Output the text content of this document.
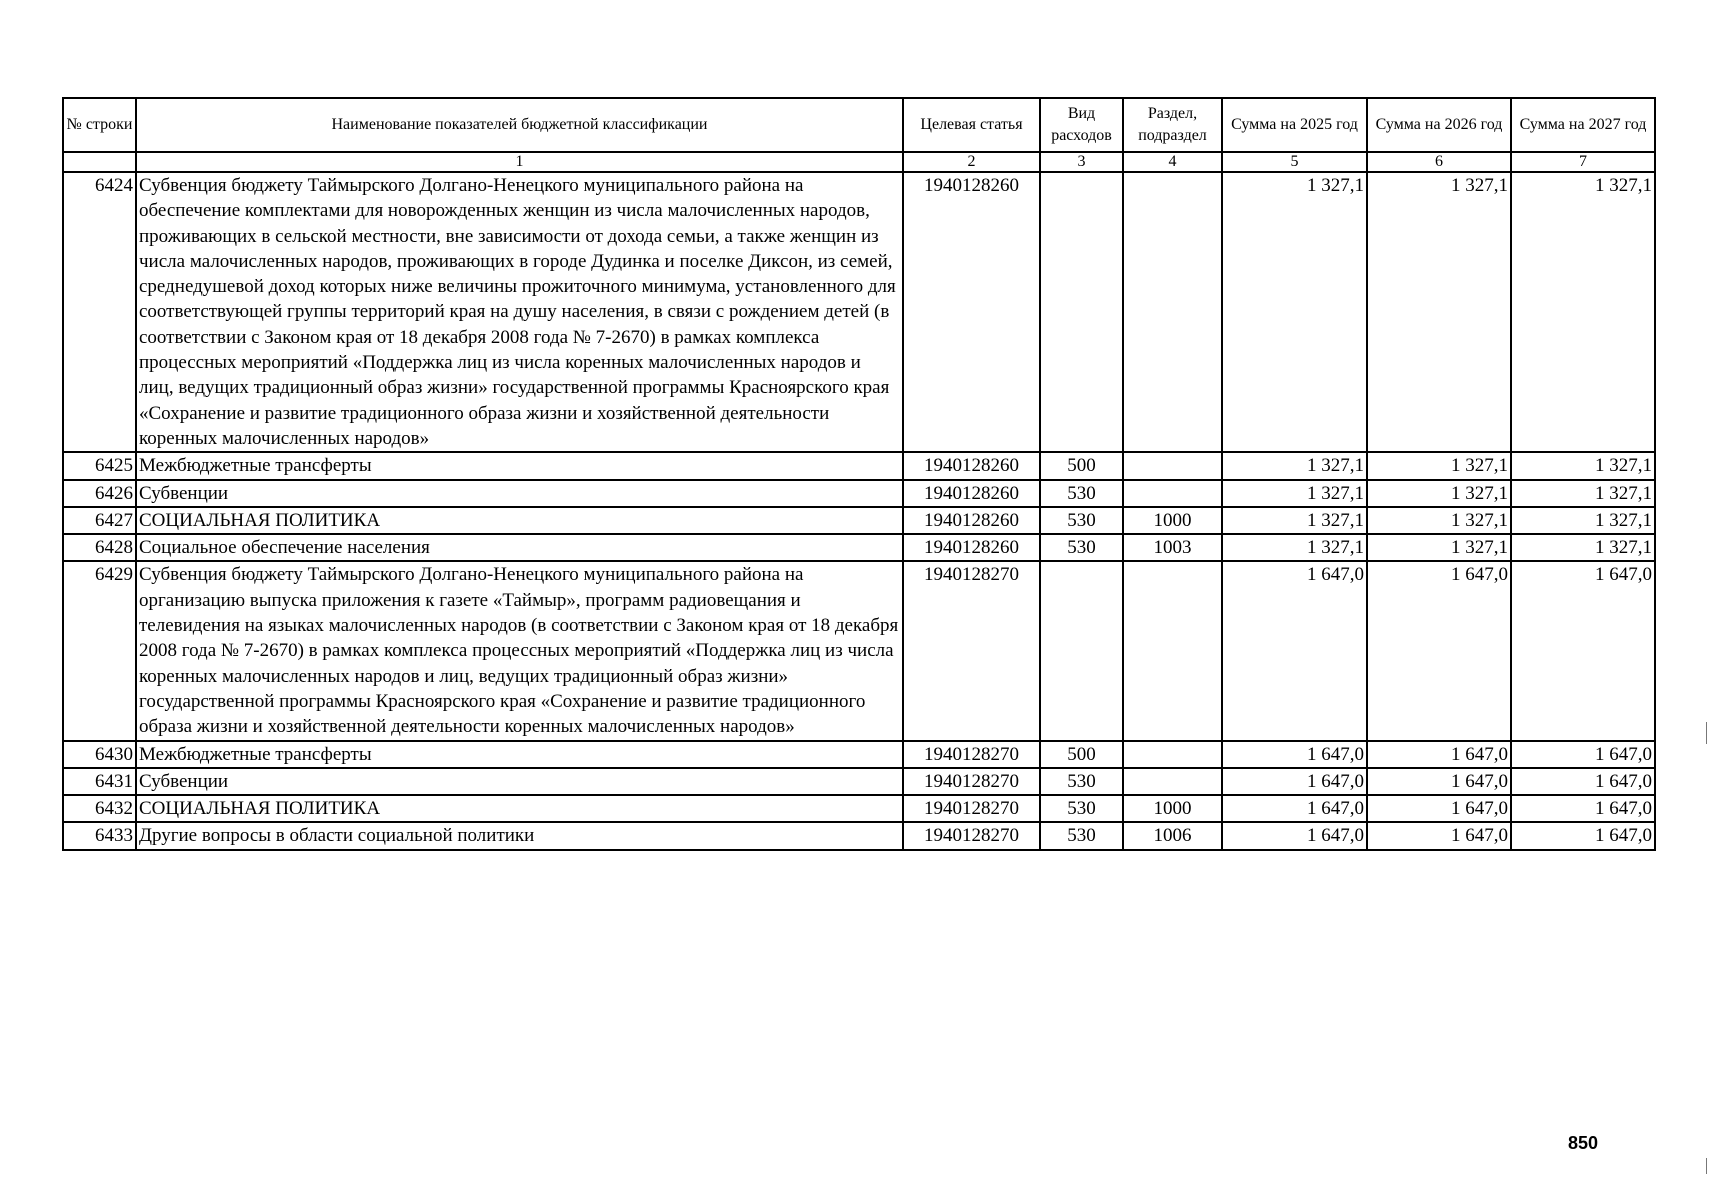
№ строки	Наименование показателей бюджетной классификации	Целевая статья	Вид расходов	Раздел, подраздел	Сумма на 2025 год	Сумма на 2026 год	Сумма на 2027 год
	1	2	3	4	5	6	7
6424	Субвенция бюджету Таймырского Долгано-Ненецкого муниципального района на обеспечение комплектами для новорожденных женщин из числа малочисленных народов, проживающих в сельской местности, вне зависимости от дохода семьи, а также женщин из числа малочисленных народов, проживающих в городе Дудинка и поселке Диксон, из семей, среднедушевой доход которых ниже величины прожиточного минимума, установленного для соответствующей группы территорий края на душу населения, в связи с рождением детей (в соответствии с Законом края от 18 декабря 2008 года № 7-2670) в рамках комплекса процессных мероприятий «Поддержка лиц из числа коренных малочисленных народов и лиц, ведущих традиционный образ жизни» государственной программы Красноярского края «Сохранение и развитие традиционного образа жизни и хозяйственной деятельности коренных малочисленных народов»	1940128260			1 327,1	1 327,1	1 327,1
6425	Межбюджетные трансферты	1940128260	500		1 327,1	1 327,1	1 327,1
6426	Субвенции	1940128260	530		1 327,1	1 327,1	1 327,1
6427	СОЦИАЛЬНАЯ ПОЛИТИКА	1940128260	530	1000	1 327,1	1 327,1	1 327,1
6428	Социальное обеспечение населения	1940128260	530	1003	1 327,1	1 327,1	1 327,1
6429	Субвенция бюджету Таймырского Долгано-Ненецкого муниципального района на организацию выпуска приложения к газете «Таймыр», программ радиовещания и телевидения на языках малочисленных народов (в соответствии с Законом края от 18 декабря 2008 года № 7-2670) в рамках комплекса процессных мероприятий «Поддержка лиц из числа коренных малочисленных народов и лиц, ведущих традиционный образ жизни» государственной программы Красноярского края «Сохранение и развитие традиционного образа жизни и хозяйственной деятельности коренных малочисленных народов»	1940128270			1 647,0	1 647,0	1 647,0
6430	Межбюджетные трансферты	1940128270	500		1 647,0	1 647,0	1 647,0
6431	Субвенции	1940128270	530		1 647,0	1 647,0	1 647,0
6432	СОЦИАЛЬНАЯ ПОЛИТИКА	1940128270	530	1000	1 647,0	1 647,0	1 647,0
6433	Другие вопросы в области социальной политики	1940128270	530	1006	1 647,0	1 647,0	1 647,0
850
